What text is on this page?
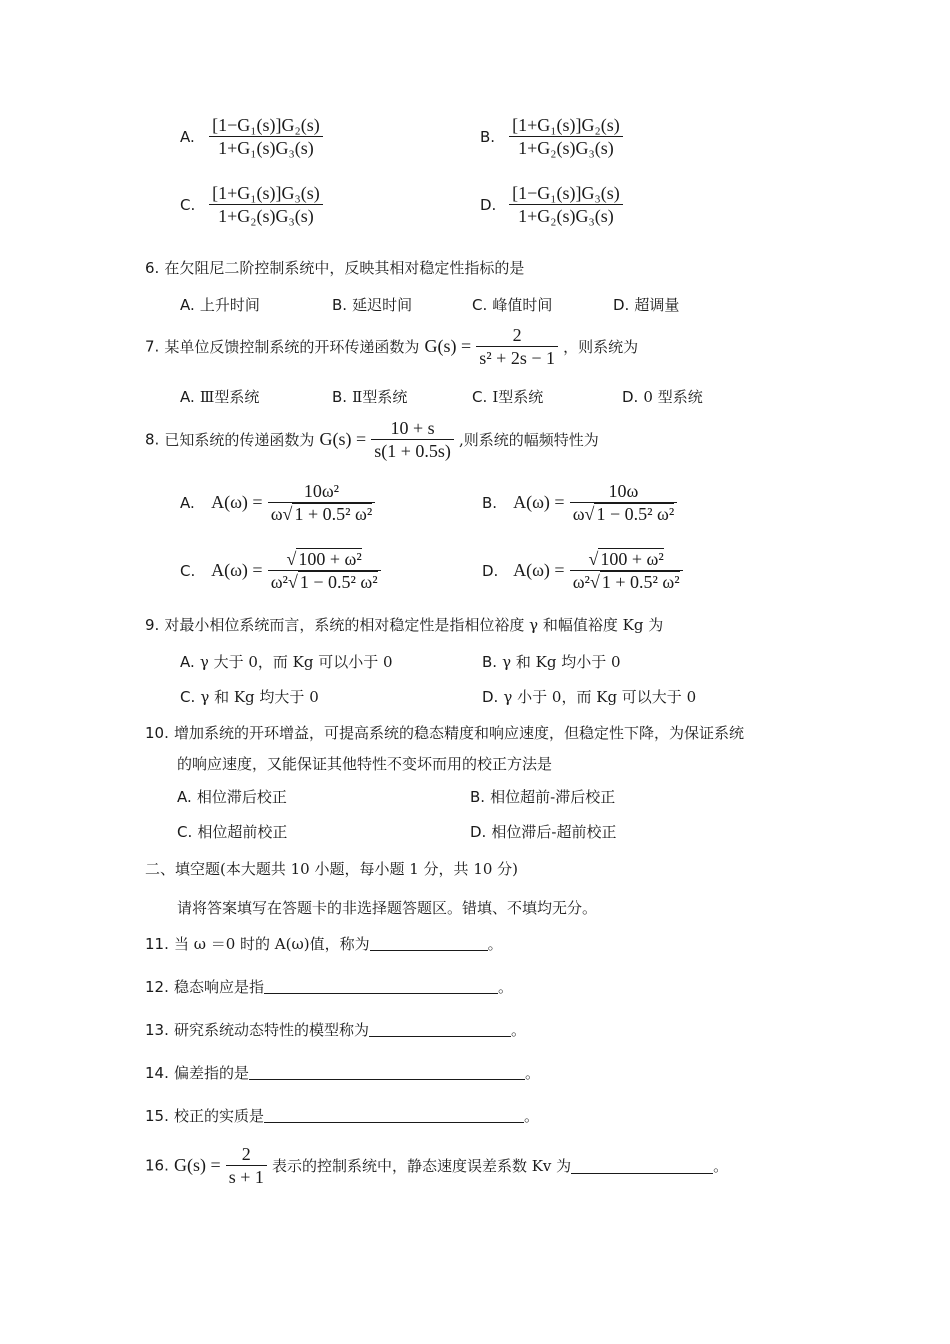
A. $\frac{\text{[1−G₁(s)]G₂(s)}}{\text{1+G₁(s)G₃(s)}}$	B. $\frac{\text{[1+G₁(s)]G₂(s)}}{\text{1+G₂(s)G₃(s)}}$
C. $\frac{\text{[1+G₁(s)]G₃(s)}}{\text{1+G₂(s)G₃(s)}}$	D. $\frac{\text{[1−G₁(s)]G₃(s)}}{\text{1+G₂(s)G₃(s)}}$
6. 在欠阻尼二阶控制系统中，反映其相对稳定性指标的是
A. 上升时间	B. 延迟时间	C. 峰值时间	D. 超调量
7. 某单位反馈控制系统的开环传递函数为 $G(s) = \frac{2}{\text{s² + 2s − 1}}$ ，则系统为
A. Ⅲ型系统	B. Ⅱ型系统	C. Ⅰ型系统	D. 0 型系统
8. 已知系统的传递函数为 $G(s) = \frac{10 + s}{s(1 + 0.5s)}$ ,则系统的幅频特性为
A. $A(\omega) = \frac{\text{10ω²}}{\text{ω√ 1 + 0.5² ω²}}$	B. $A(\omega) = \frac{10\omega}{\text{ω√ 1 − 0.5² ω²}}$
C. $A(\omega) = \frac{\text{√ 100 + ω²}}{\text{ω²√ 1 − 0.5² ω²}}$	D. $A(\omega) = \frac{\text{√ 100 + ω²}}{\text{ω²√ 1 + 0.5² ω²}}$
9. 对最小相位系统而言，系统的相对稳定性是指相位裕度 γ 和幅值裕度 Kg 为
A. γ 大于 0，而 Kg 可以小于 0	B. γ 和 Kg 均小于 0
C. γ 和 Kg 均大于 0	D. γ 小于 0，而 Kg 可以大于 0
10. 增加系统的开环增益，可提高系统的稳态精度和响应速度，但稳定性下降，为保证系统
的响应速度，又能保证其他特性不变坏而用的校正方法是
A. 相位滞后校正	B. 相位超前-滞后校正
C. 相位超前校正	D. 相位滞后-超前校正
二、填空题(本大题共 10 小题，每小题 1 分，共 10 分)
请将答案填写在答题卡的非选择题答题区。错填、不填均无分。
11. 当 ω ＝0 时的 A(ω)值，称为	。
12. 稳态响应是指	。
13. 研究系统动态特性的模型称为	。
14. 偏差指的是	。
15. 校正的实质是	。
16. $G(s) = \frac{2}{s + 1}$ 表示的控制系统中，静态速度误差系数 Kv 为	。
